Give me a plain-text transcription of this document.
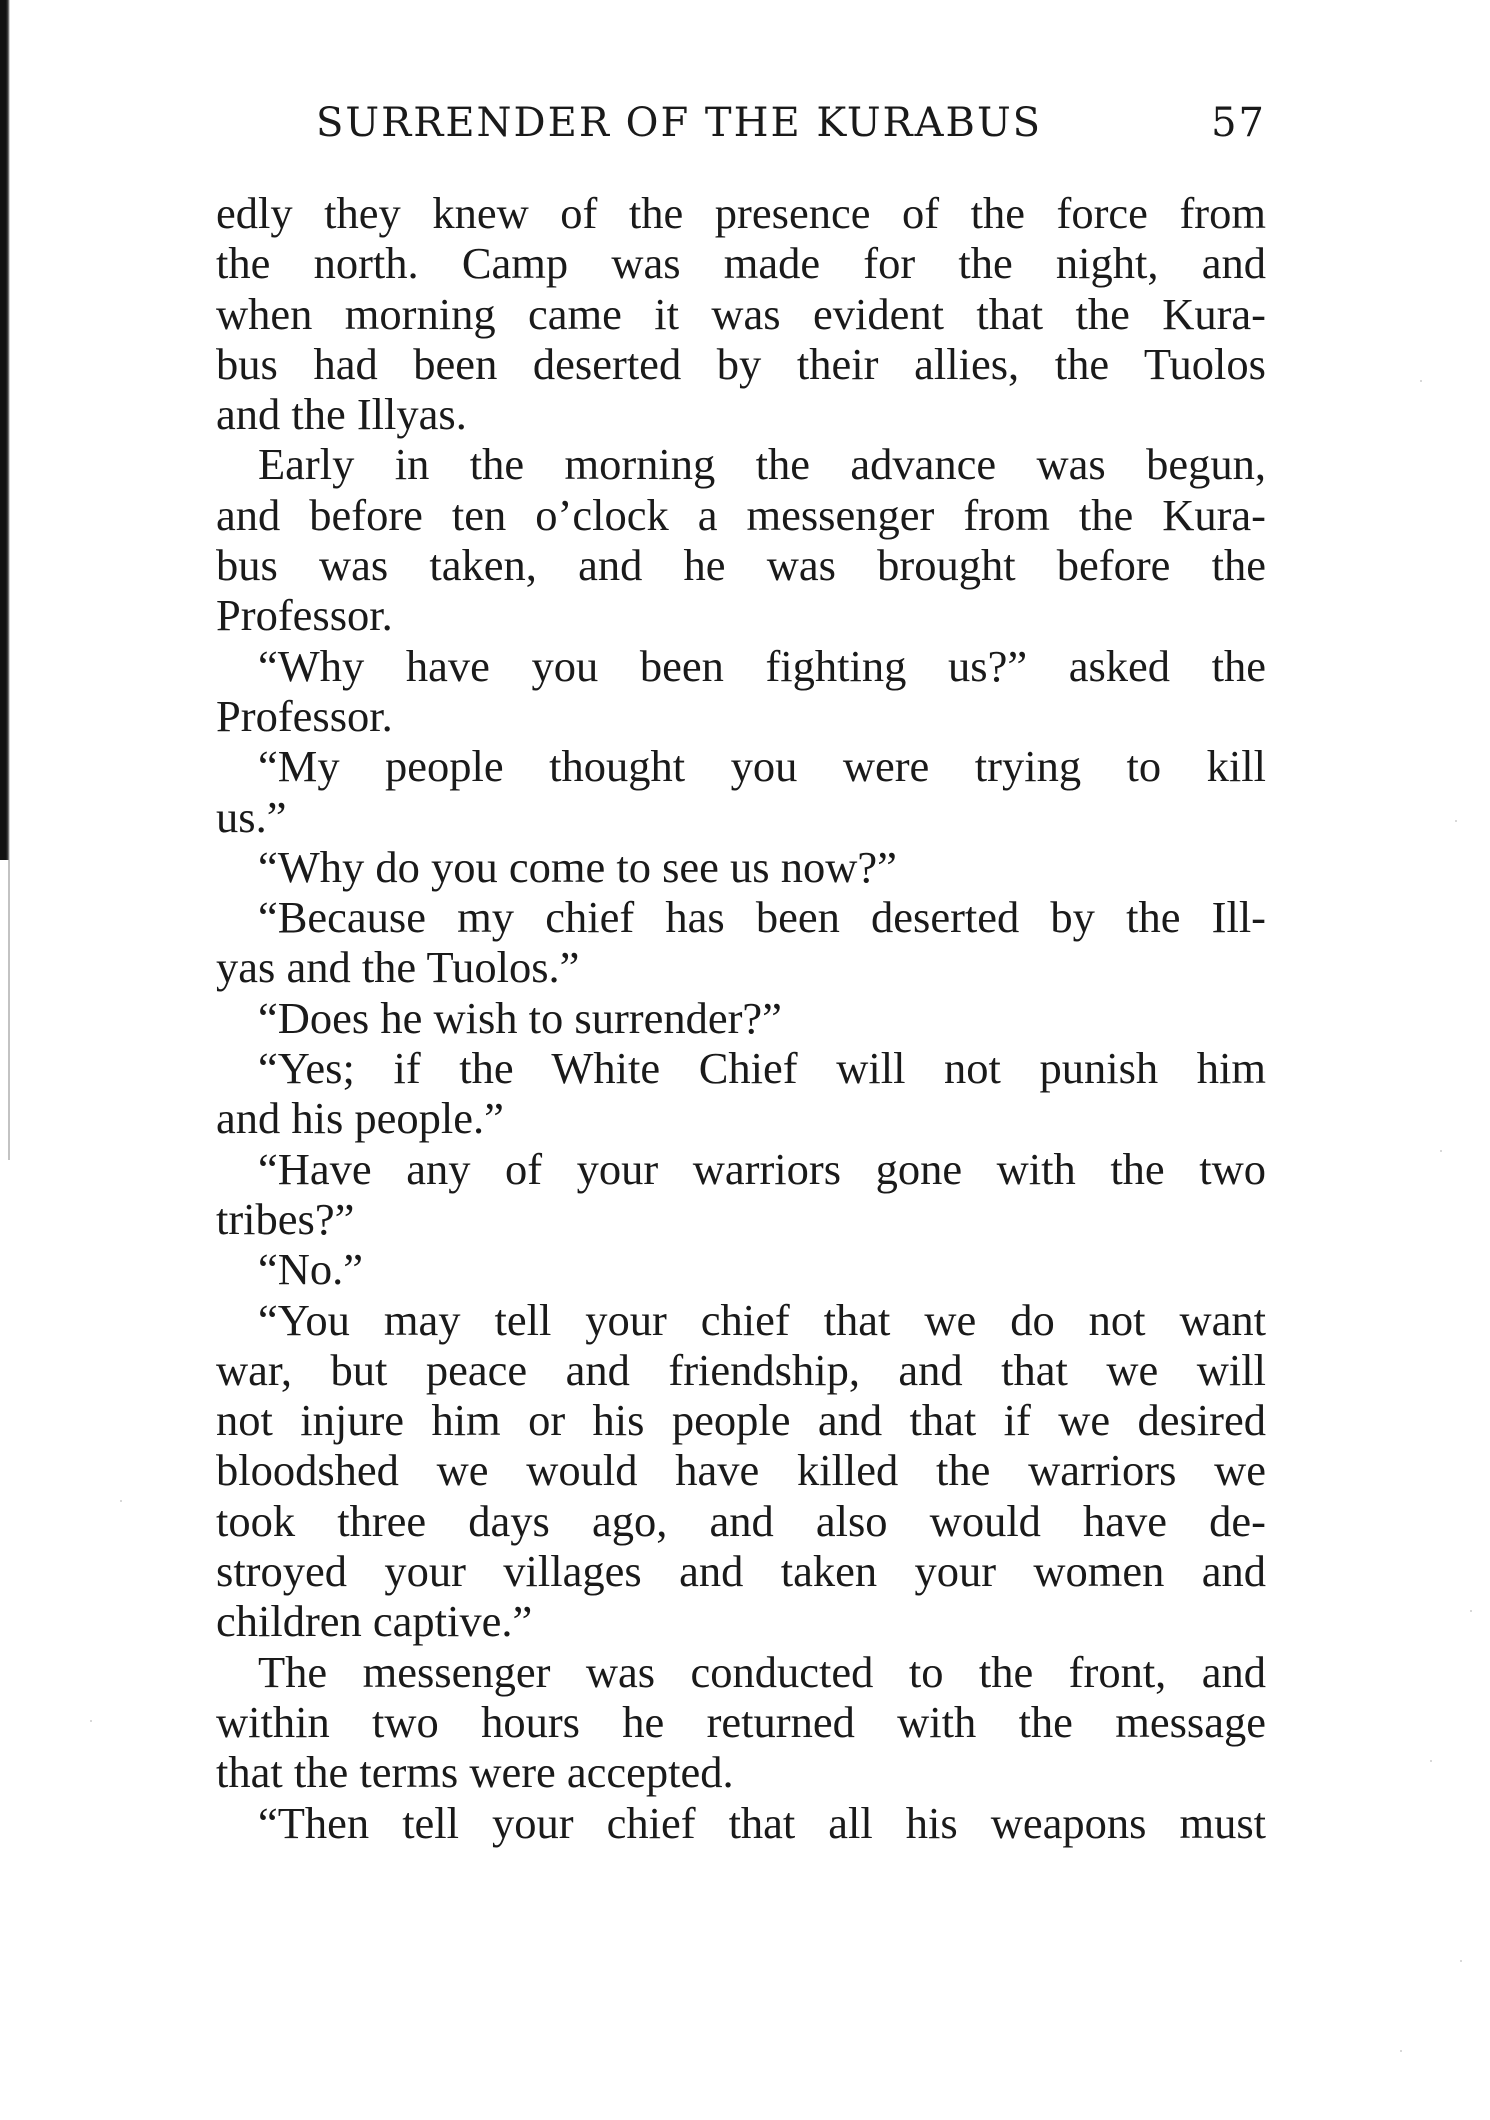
SURRENDER OF THE KURABUS	57
edly they knew of the presence of the force from
the north. Camp was made for the night, and
when morning came it was evident that the Kura-
bus had been deserted by their allies, the Tuolos
and the Illyas.
Early in the morning the advance was begun,
and before ten o’clock a messenger from the Kura-
bus was taken, and he was brought before the
Professor.
“Why have you been fighting us?” asked the
Professor.
“My people thought you were trying to kill
us.”
“Why do you come to see us now?”
“Because my chief has been deserted by the Ill-
yas and the Tuolos.”
“Does he wish to surrender?”
“Yes; if the White Chief will not punish him
and his people.”
“Have any of your warriors gone with the two
tribes?”
“No.”
“You may tell your chief that we do not want
war, but peace and friendship, and that we will
not injure him or his people and that if we desired
bloodshed we would have killed the warriors we
took three days ago, and also would have de-
stroyed your villages and taken your women and
children captive.”
The messenger was conducted to the front, and
within two hours he returned with the message
that the terms were accepted.
“Then tell your chief that all his weapons must
